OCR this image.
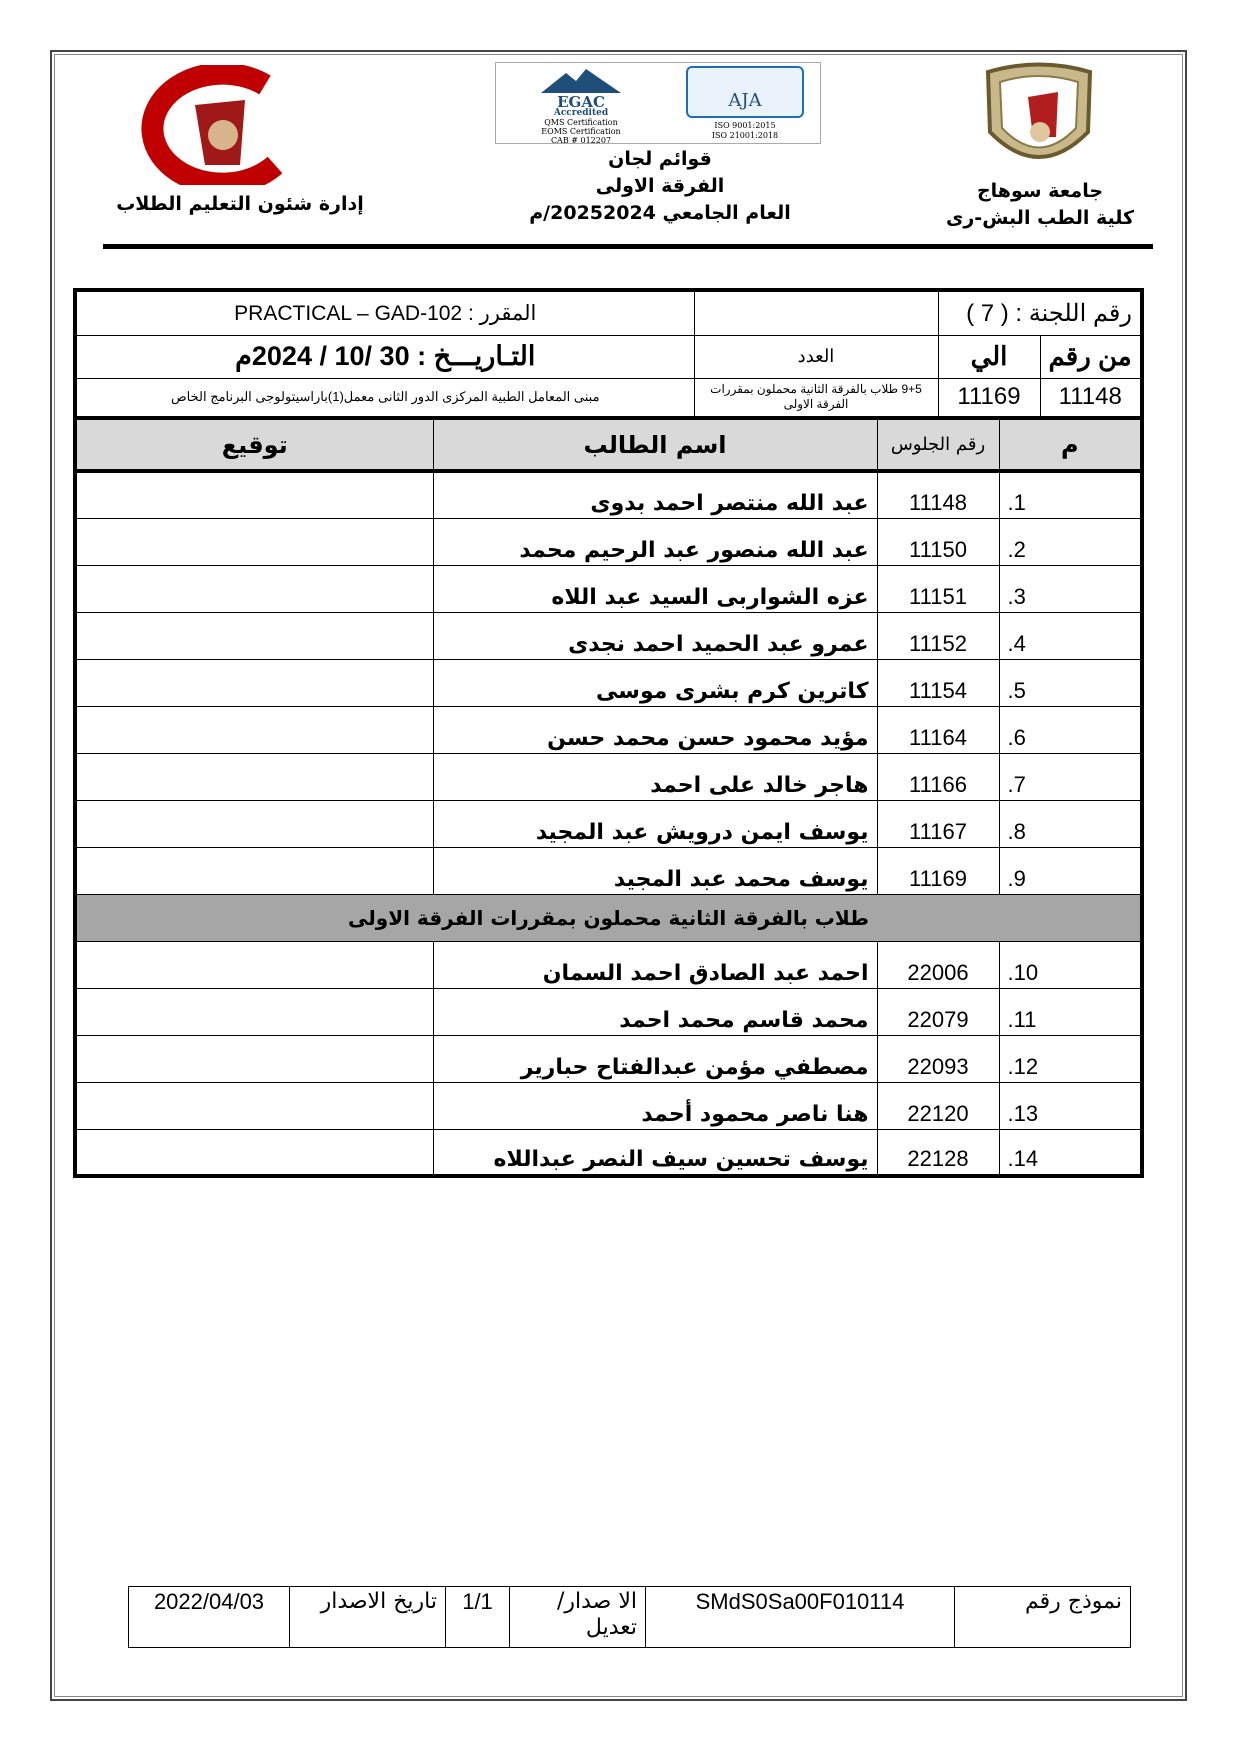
جامعة سوهاج
كلية الطب البش-رى
EGAC
Accredited
QMS Certification
EOMS Certification
CAB # 012207
AJA
ISO 9001:2015
ISO 21001:2018
قوائم لجان
الفرقة الاولى
العام الجامعي 20252024/م
إدارة شئون التعليم الطلاب
رقم اللجنة : ( 7 )			المقرر : PRACTICAL – GAD-102
من رقم	الي	العدد	التـاريـــخ : 30 /10 / 2024م
11148	11169	9+5 طلاب بالفرقة الثانية محملون بمقررات الفرقة الاولى	مبنى المعامل الطبية المركزى الدور الثانى معمل(1)باراسيتولوجى البرنامج الخاص
م	رقم الجلوس	اسم الطالب	توقيع
1.	11148	عبد الله منتصر احمد بدوى	
2.	11150	عبد الله منصور عبد الرحيم محمد	
3.	11151	عزه الشواربى السيد عبد اللاه	
4.	11152	عمرو عبد الحميد احمد نجدى	
5.	11154	كاترين كرم بشرى موسى	
6.	11164	مؤيد محمود حسن محمد حسن	
7.	11166	هاجر خالد على احمد	
8.	11167	يوسف ايمن درويش عبد المجيد	
9.	11169	يوسف محمد عبد المجيد	
طلاب بالفرقة الثانية محملون بمقررات الفرقة الاولى			
10.	22006	احمد عبد الصادق احمد السمان	
11.	22079	محمد قاسم محمد احمد	
12.	22093	مصطفي مؤمن عبدالفتاح حبارير	
13.	22120	هنا ناصر محمود أحمد	
14.	22128	يوسف تحسين سيف النصر عبداللاه	
نموذج رقم	SMdS0Sa00F010114	الا صدار/تعديل	1/1	تاريخ الاصدار	2022/04/03
